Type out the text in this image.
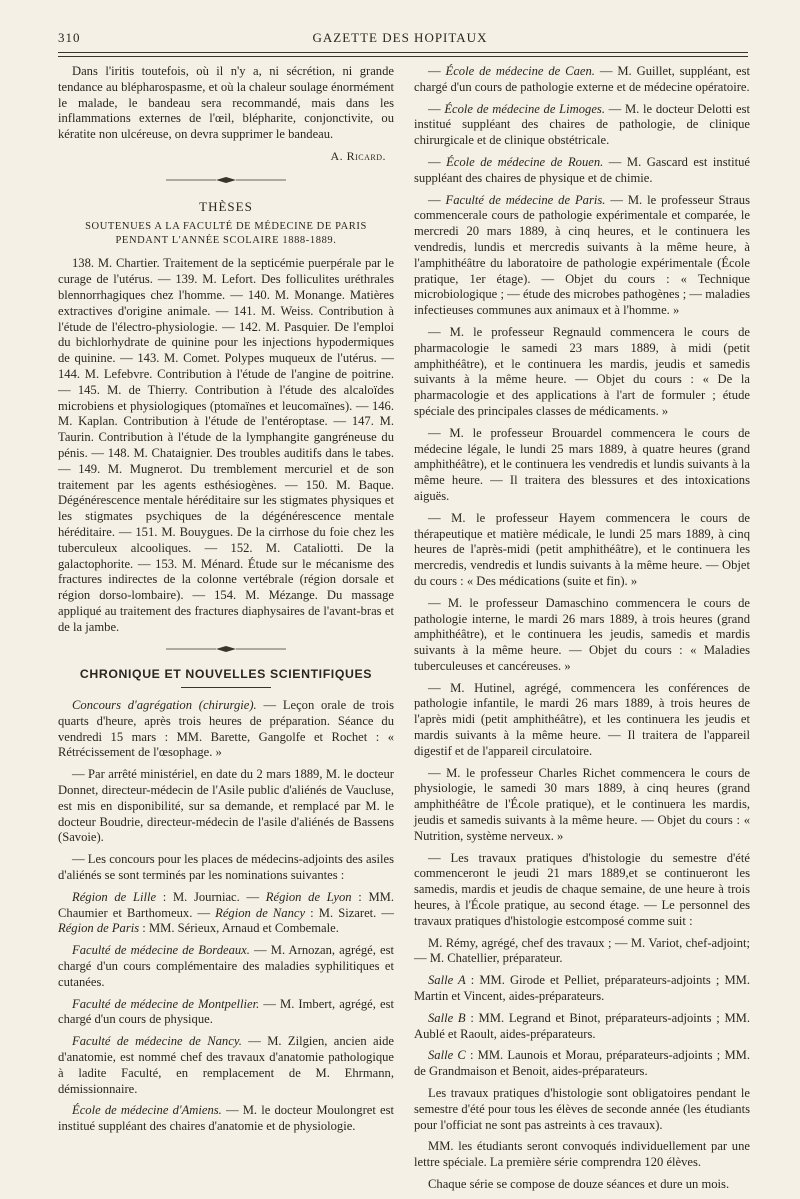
310	GAZETTE DES HOPITAUX

Dans l'iritis toutefois, où il n'y a, ni sécrétion, ni grande tendance au blépharospasme, et où la chaleur soulage énormément le malade, le bandeau sera recommandé, mais dans les inflammations externes de l'œil, blépharite, conjonctivite, ou kératite non ulcéreuse, on devra supprimer le bandeau.

A. Ricard.
THÈSES
SOUTENUES A LA FACULTÉ DE MÉDECINE DE PARIS
PENDANT L'ANNÉE SCOLAIRE 1888-1889.

138. M. Chartier. Traitement de la septicémie puerpérale par le curage de l'utérus. — 139. M. Lefort. Des folliculites uréthrales blennorrhagiques chez l'homme. — 140. M. Monange. Matières extractives d'origine animale. — 141. M. Weiss. Contribution à l'étude de l'électro-physiologie. — 142. M. Pasquier. De l'emploi du bichlorhydrate de quinine pour les injections hypodermiques de quinine. — 143. M. Comet. Polypes muqueux de l'utérus. — 144. M. Lefebvre. Contribution à l'étude de l'angine de poitrine. — 145. M. de Thierry. Contribution à l'étude des alcaloïdes microbiens et physiologiques (ptomaïnes et leucomaïnes). — 146. M. Kaplan. Contribution à l'étude de l'entéroptase. — 147. M. Taurin. Contribution à l'étude de la lymphangite gangréneuse du pénis. — 148. M. Chataignier. Des troubles auditifs dans le tabes. — 149. M. Mugnerot. Du tremblement mercuriel et de son traitement par les agents esthésiogènes. — 150. M. Baque. Dégénérescence mentale héréditaire sur les stigmates physiques et les stigmates psychiques de la dégénérescence mentale héréditaire. — 151. M. Bouygues. De la cirrhose du foie chez les tuberculeux alcooliques. — 152. M. Cataliotti. De la galactophorite. — 153. M. Ménard. Étude sur le mécanisme des fractures indirectes de la colonne vertébrale (région dorsale et région dorso-lombaire). — 154. M. Mézange. Du massage appliqué au traitement des fractures diaphysaires de l'avant-bras et de la jambe.

CHRONIQUE ET NOUVELLES SCIENTIFIQUES

Concours d'agrégation (chirurgie). — Leçon orale de trois quarts d'heure, après trois heures de préparation. Séance du vendredi 15 mars : MM. Barette, Gangolfe et Rochet : « Rétrécissement de l'œsophage. »

— Par arrêté ministériel, en date du 2 mars 1889, M. le docteur Donnet, directeur-médecin de l'Asile public d'aliénés de Vaucluse, est mis en disponibilité, sur sa demande, et remplacé par M. le docteur Boudrie, directeur-médecin de l'asile d'aliénés de Bassens (Savoie).

— Les concours pour les places de médecins-adjoints des asiles d'aliénés se sont terminés par les nominations suivantes :

Région de Lille : M. Journiac. — Région de Lyon : MM. Chaumier et Barthomeux. — Région de Nancy : M. Sizaret. — Région de Paris : MM. Sérieux, Arnaud et Combemale.

Faculté de médecine de Bordeaux. — M. Arnozan, agrégé, est chargé d'un cours complémentaire des maladies syphilitiques et cutanées.

Faculté de médecine de Montpellier. — M. Imbert, agrégé, est chargé d'un cours de physique.

Faculté de médecine de Nancy. — M. Zilgien, ancien aide d'anatomie, est nommé chef des travaux d'anatomie pathologique à ladite Faculté, en remplacement de M. Ehrmann, démissionnaire.

École de médecine d'Amiens. — M. le docteur Moulongret est institué suppléant des chaires d'anatomie et de physiologie.

— École de médecine de Caen. — M. Guillet, suppléant, est chargé d'un cours de pathologie externe et de médecine opératoire.

— École de médecine de Limoges. — M. le docteur Delotti est institué suppléant des chaires de pathologie, de clinique chirurgicale et de clinique obstétricale.

— École de médecine de Rouen. — M. Gascard est institué suppléant des chaires de physique et de chimie.

— Faculté de médecine de Paris. — M. le professeur Straus commencerale cours de pathologie expérimentale et comparée, le mercredi 20 mars 1889, à cinq heures, et le continuera les vendredis, lundis et mercredis suivants à la même heure, à l'amphithéâtre du laboratoire de pathologie expérimentale (École pratique, 1er étage). — Objet du cours : « Technique microbiologique ; — étude des microbes pathogènes ; — maladies infectieuses communes aux animaux et à l'homme. »

— M. le professeur Regnauld commencera le cours de pharmacologie le samedi 23 mars 1889, à midi (petit amphithéâtre), et le continuera les mardis, jeudis et samedis suivants à la même heure. — Objet du cours : « De la pharmacologie et des applications à l'art de formuler ; étude spéciale des principales classes de médicaments. »

— M. le professeur Brouardel commencera le cours de médecine légale, le lundi 25 mars 1889, à quatre heures (grand amphithéâtre), et le continuera les vendredis et lundis suivants à la même heure. — Il traitera des blessures et des intoxications aiguës.

— M. le professeur Hayem commencera le cours de thérapeutique et matière médicale, le lundi 25 mars 1889, à cinq heures de l'après-midi (petit amphithéâtre), et le continuera les mercredis, vendredis et lundis suivants à la même heure. — Objet du cours : « Des médications (suite et fin). »

— M. le professeur Damaschino commencera le cours de pathologie interne, le mardi 26 mars 1889, à trois heures (grand amphithéâtre), et le continuera les jeudis, samedis et mardis suivants à la même heure. — Objet du cours : « Maladies tuberculeuses et cancéreuses. »

— M. Hutinel, agrégé, commencera les conférences de pathologie infantile, le mardi 26 mars 1889, à trois heures de l'après midi (petit amphithéâtre), et les continuera les jeudis et mardis suivants à la même heure. — Il traitera de l'appareil digestif et de l'appareil circulatoire.

— M. le professeur Charles Richet commencera le cours de physiologie, le samedi 30 mars 1889, à cinq heures (grand amphithéâtre de l'École pratique), et le continuera les mardis, jeudis et samedis suivants à la même heure. — Objet du cours : « Nutrition, système nerveux. »

— Les travaux pratiques d'histologie du semestre d'été commenceront le jeudi 21 mars 1889,et se continueront les samedis, mardis et jeudis de chaque semaine, de une heure à trois heures, à l'École pratique, au second étage. — Le personnel des travaux pratiques d'histologie estcomposé comme suit :

M. Rémy, agrégé, chef des travaux ; — M. Variot, chef-adjoint; — M. Chatellier, préparateur.

Salle A : MM. Girode et Pelliet, préparateurs-adjoints ; MM. Martin et Vincent, aides-préparateurs.

Salle B : MM. Legrand et Binot, préparateurs-adjoints ; MM. Aublé et Raoult, aides-préparateurs.

Salle C : MM. Launois et Morau, préparateurs-adjoints ; MM. de Grandmaison et Benoit, aides-préparateurs.

Les travaux pratiques d'histologie sont obligatoires pendant le semestre d'été pour tous les élèves de seconde année (les étudiants pour l'officiat ne sont pas astreints à ces travaux).

MM. les étudiants seront convoqués individuellement par une lettre spéciale. La première série comprendra 120 élèves.

Chaque série se compose de douze séances et dure un mois.
